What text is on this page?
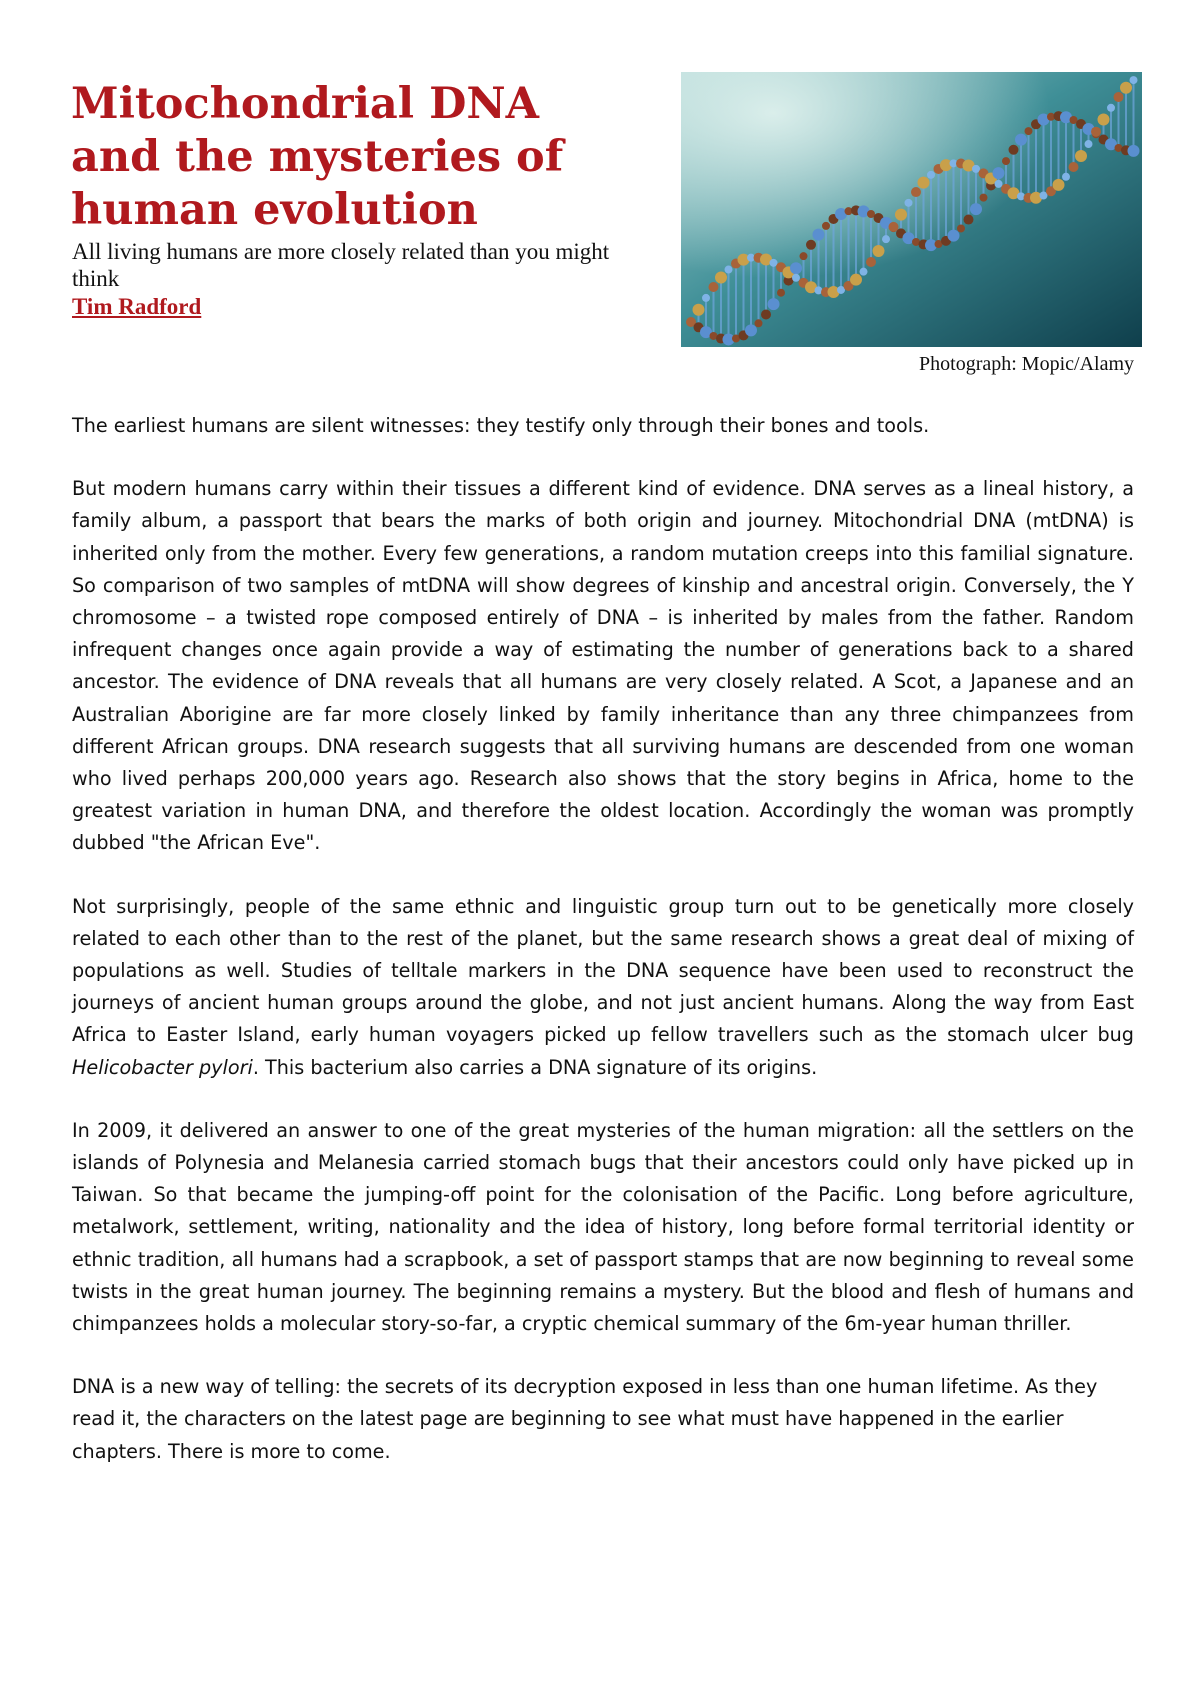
Mitochondrial DNA and the mysteries of human evolution
All living humans are more closely related than you might think
Tim Radford
Photograph: Mopic/Alamy

The earliest humans are silent witnesses: they testify only through their bones and tools.

But modern humans carry within their tissues a different kind of evidence. DNA serves as a lineal history, a family album, a passport that bears the marks of both origin and journey. Mitochondrial DNA (mtDNA) is inherited only from the mother. Every few generations, a random mutation creeps into this familial signature. So comparison of two samples of mtDNA will show degrees of kinship and ancestral origin. Conversely, the Y chromosome – a twisted rope composed entirely of DNA – is inherited by males from the father. Random infrequent changes once again provide a way of estimating the number of generations back to a shared ancestor. The evidence of DNA reveals that all humans are very closely related. A Scot, a Japanese and an Australian Aborigine are far more closely linked by family inheritance than any three chimpanzees from different African groups. DNA research suggests that all surviving humans are descended from one woman who lived perhaps 200,000 years ago. Research also shows that the story begins in Africa, home to the greatest variation in human DNA, and therefore the oldest location. Accordingly the woman was promptly dubbed "the African Eve".

Not surprisingly, people of the same ethnic and linguistic group turn out to be genetically more closely related to each other than to the rest of the planet, but the same research shows a great deal of mixing of populations as well. Studies of telltale markers in the DNA sequence have been used to reconstruct the journeys of ancient human groups around the globe, and not just ancient humans. Along the way from East Africa to Easter Island, early human voyagers picked up fellow travellers such as the stomach ulcer bug Helicobacter pylori. This bacterium also carries a DNA signature of its origins.

In 2009, it delivered an answer to one of the great mysteries of the human migration: all the settlers on the islands of Polynesia and Melanesia carried stomach bugs that their ancestors could only have picked up in Taiwan. So that became the jumping-off point for the colonisation of the Pacific. Long before agriculture, metalwork, settlement, writing, nationality and the idea of history, long before formal territorial identity or ethnic tradition, all humans had a scrapbook, a set of passport stamps that are now beginning to reveal some twists in the great human journey. The beginning remains a mystery. But the blood and flesh of humans and chimpanzees holds a molecular story-so-far, a cryptic chemical summary of the 6m-year human thriller.

DNA is a new way of telling: the secrets of its decryption exposed in less than one human lifetime. As they read it, the characters on the latest page are beginning to see what must have happened in the earlier chapters. There is more to come.
